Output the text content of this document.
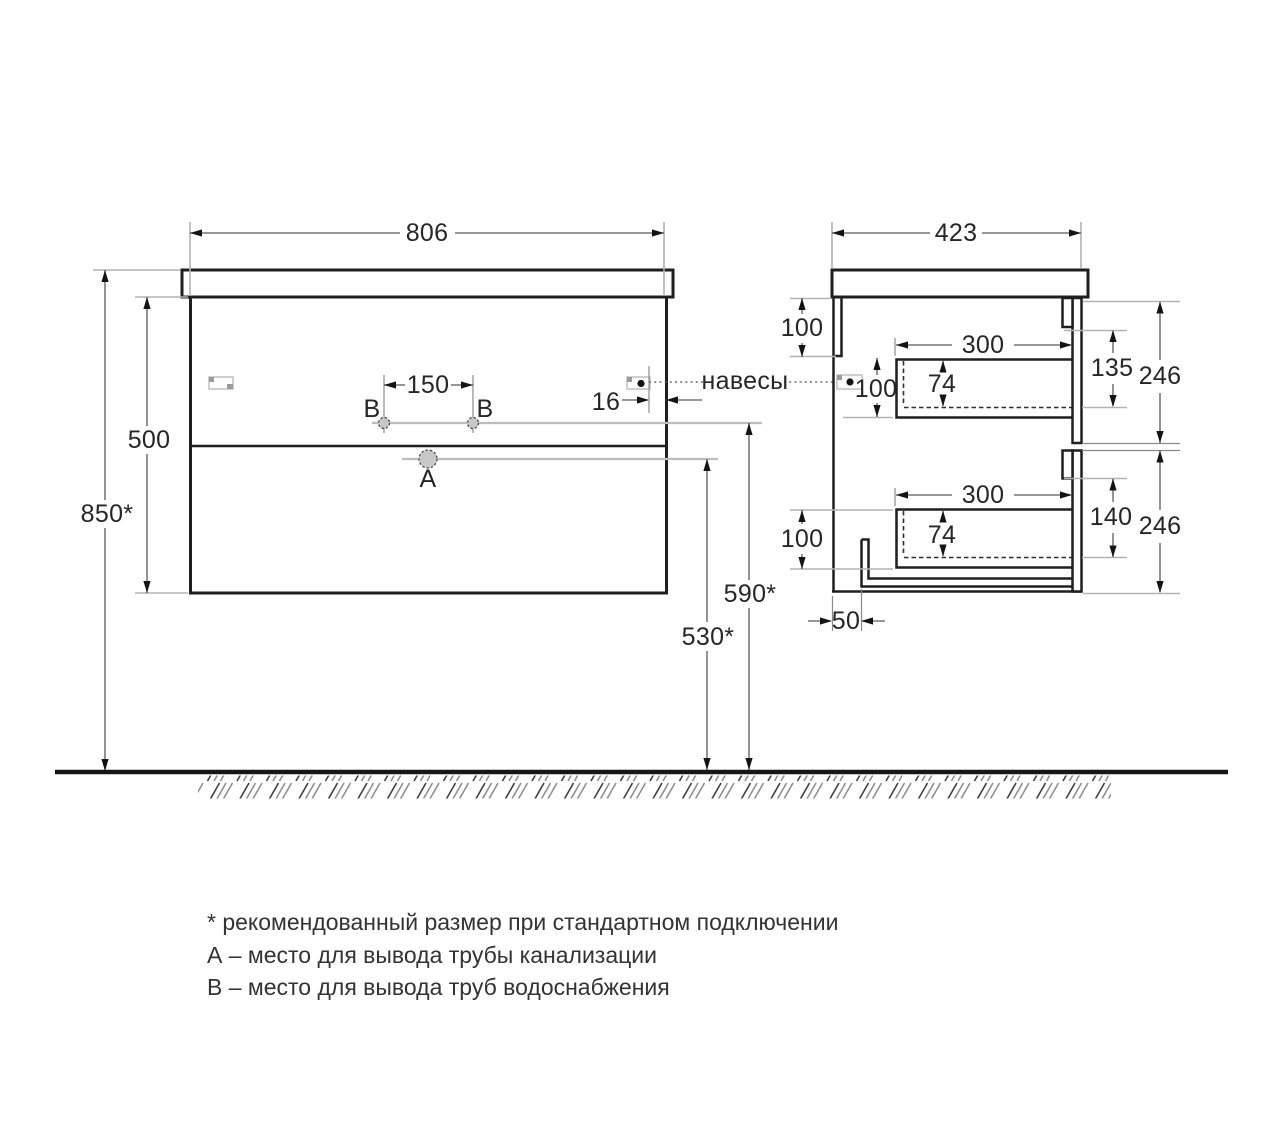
В	В
А
806
850*
500
150
16
590*
530*
навесы
423
100
100
300
74
135 246
300
74
140 246
100
50

* рекомендованный размер при стандартном подключении

А – место для вывода трубы канализации

В – место для вывода труб водоснабжения
